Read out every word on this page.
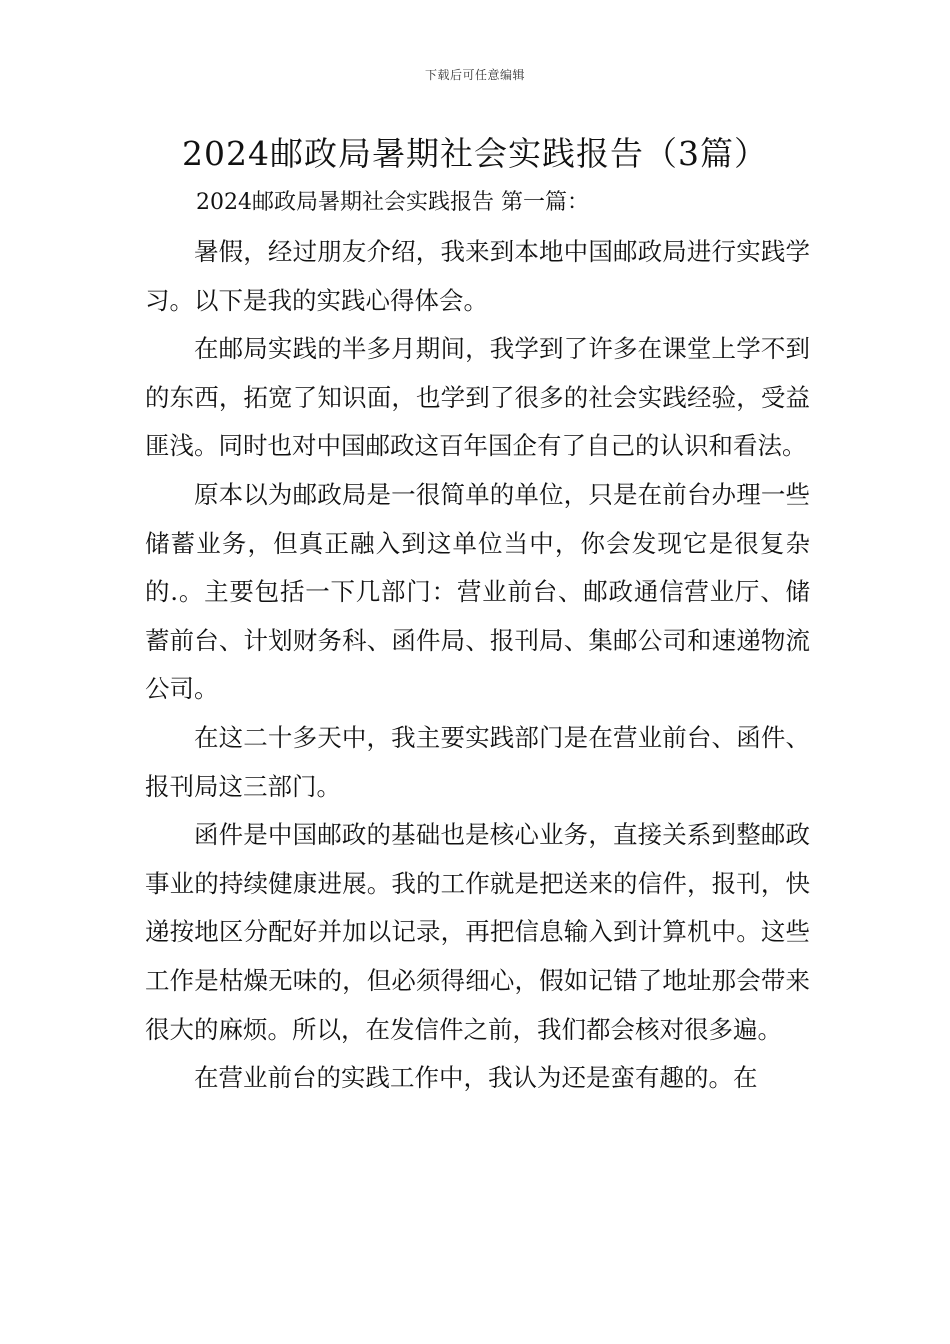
下载后可任意编辑
2024邮政局暑期社会实践报告（3篇）

2024邮政局暑期社会实践报告 第一篇：

暑假，经过朋友介绍，我来到本地中国邮政局进行实践学习。以下是我的实践心得体会。

在邮局实践的半多月期间，我学到了许多在课堂上学不到的东西，拓宽了知识面，也学到了很多的社会实践经验，受益匪浅。同时也对中国邮政这百年国企有了自己的认识和看法。

原本以为邮政局是一很简单的单位，只是在前台办理一些储蓄业务，但真正融入到这单位当中，你会发现它是很复杂的.。主要包括一下几部门：营业前台、邮政通信营业厅、储蓄前台、计划财务科、函件局、报刊局、集邮公司和速递物流公司。

在这二十多天中，我主要实践部门是在营业前台、函件、报刊局这三部门。

函件是中国邮政的基础也是核心业务，直接关系到整邮政事业的持续健康进展。我的工作就是把送来的信件，报刊，快递按地区分配好并加以记录，再把信息输入到计算机中。这些工作是枯燥无味的，但必须得细心，假如记错了地址那会带来很大的麻烦。所以，在发信件之前，我们都会核对很多遍。

在营业前台的实践工作中，我认为还是蛮有趣的。在
